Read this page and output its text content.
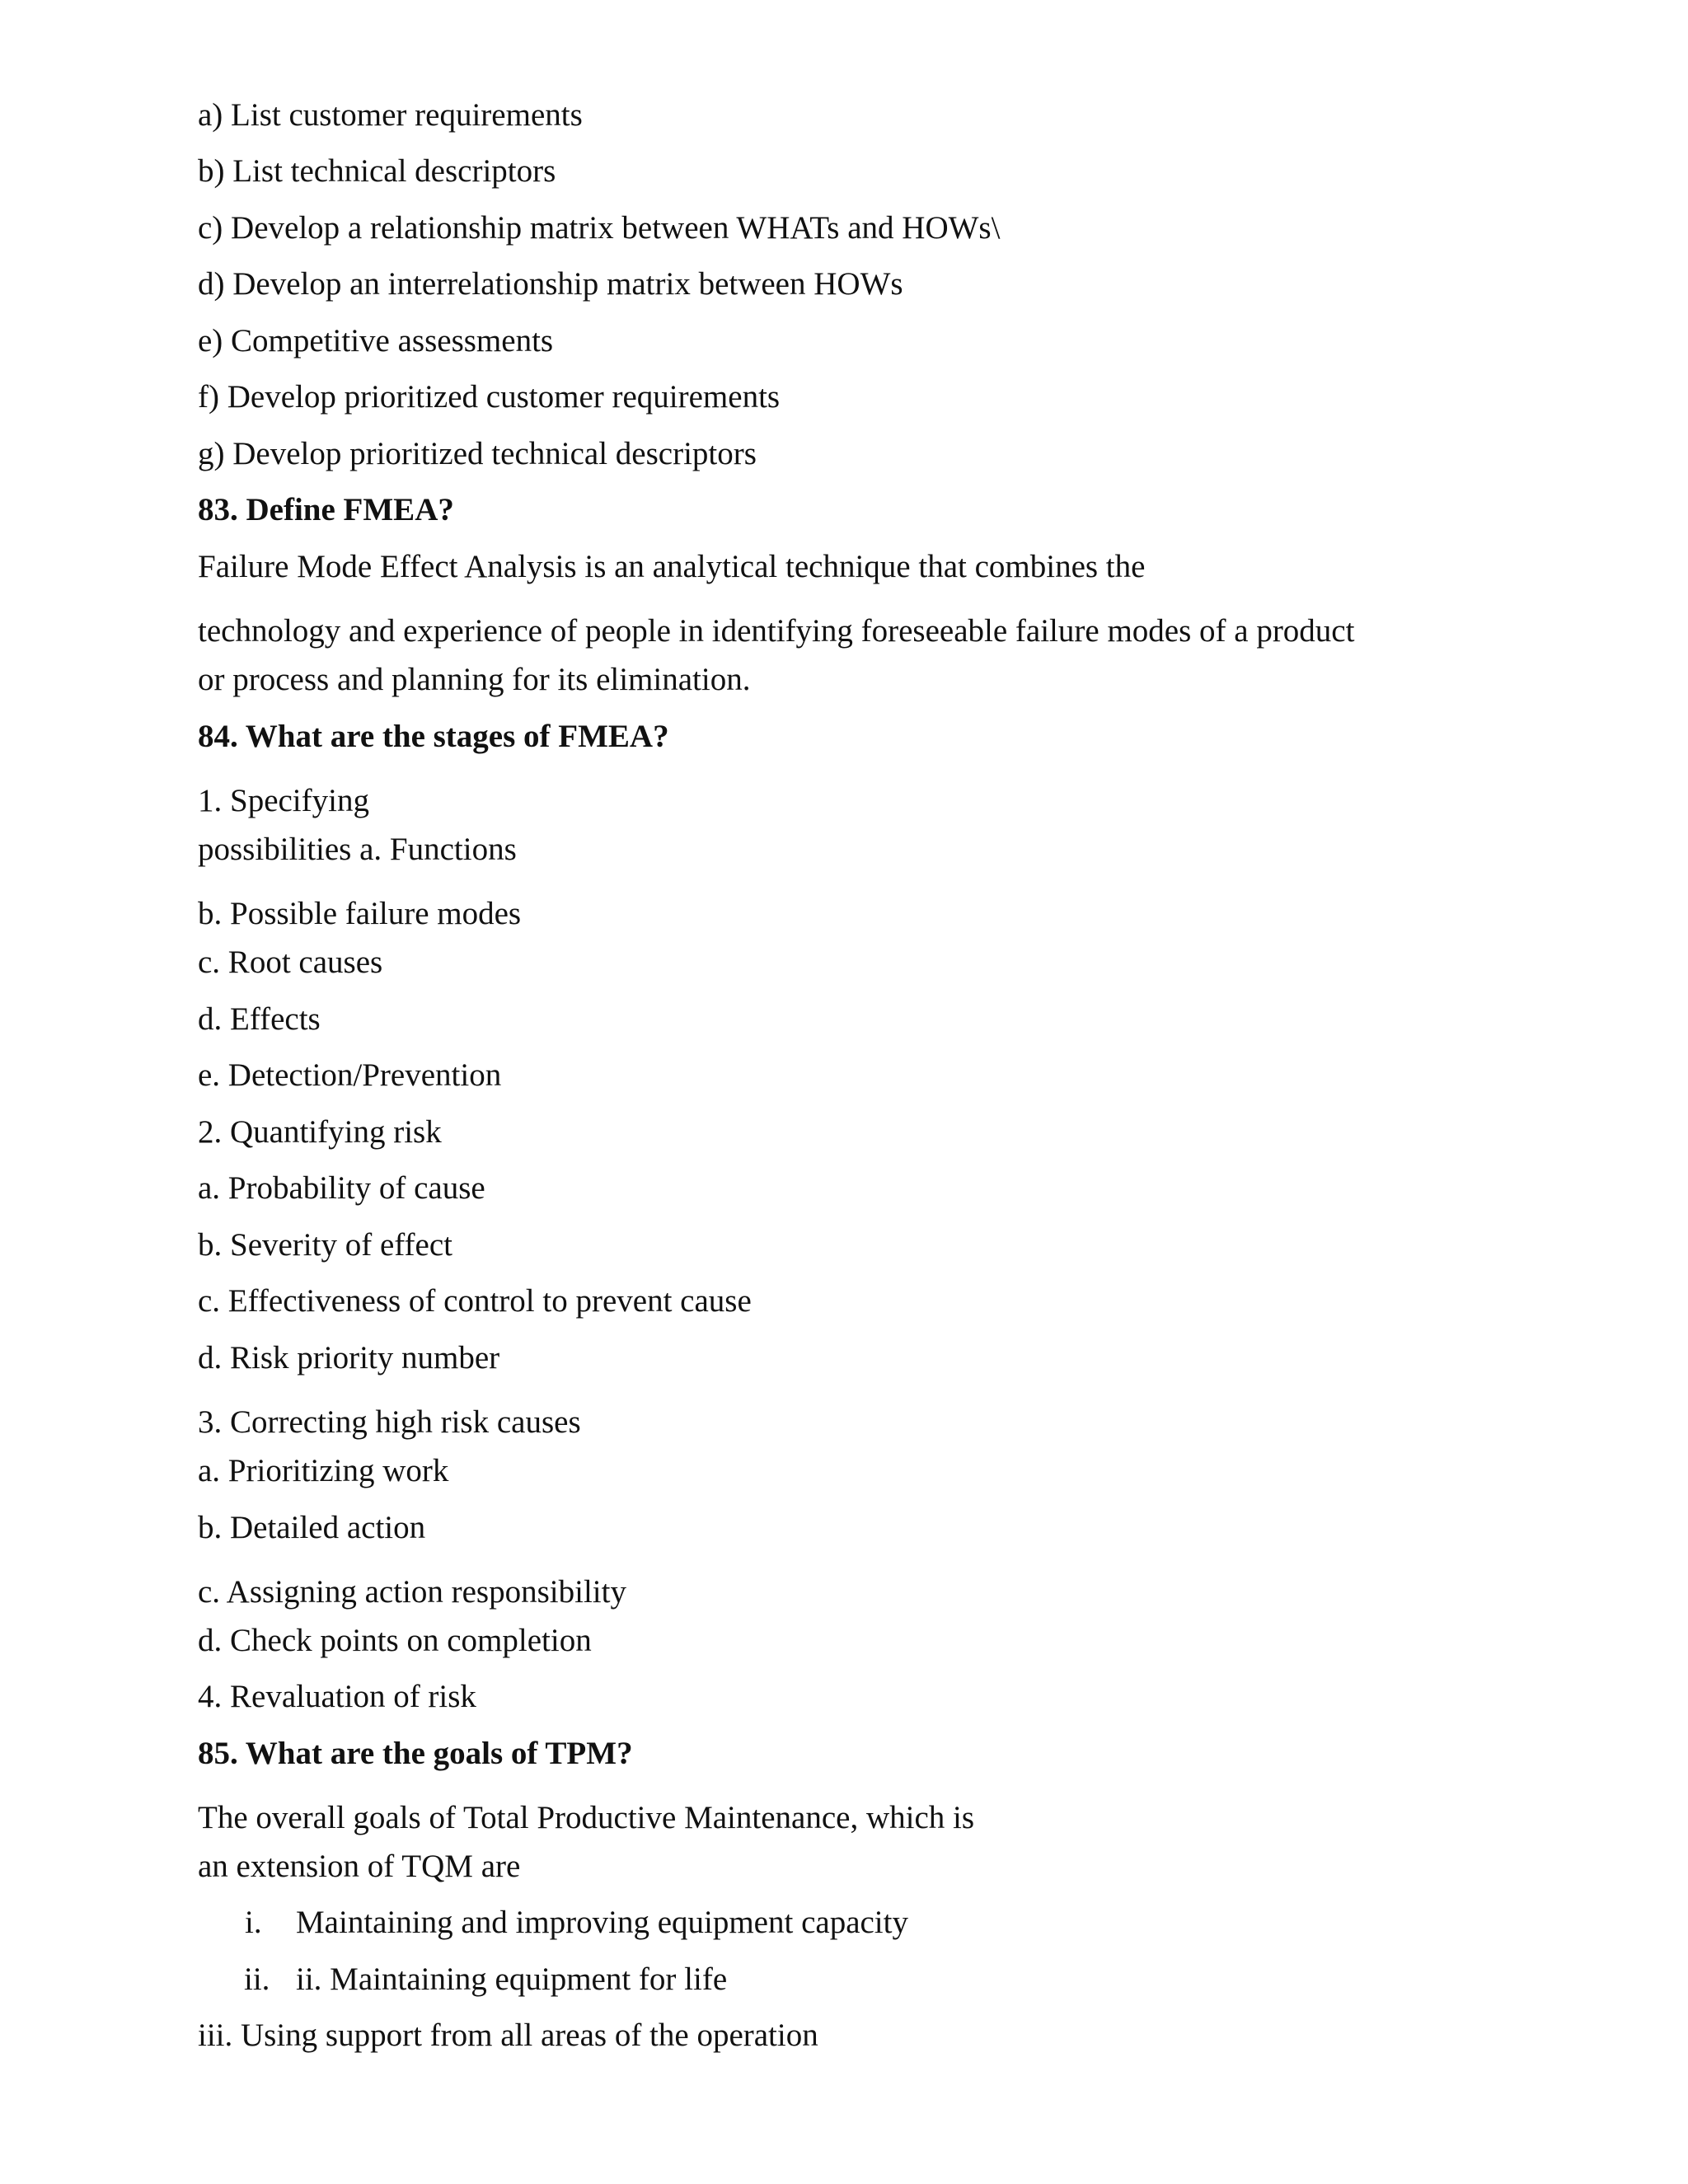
a) List customer requirements
b) List technical descriptors
c) Develop a relationship matrix between WHATs and HOWs\
d) Develop an interrelationship matrix between HOWs
e) Competitive assessments
f) Develop prioritized customer requirements
g) Develop prioritized technical descriptors
83. Define FMEA?
Failure Mode Effect Analysis is an analytical technique that combines the
technology and experience of people in identifying foreseeable failure modes of a product
or process and planning for its elimination.
84. What are the stages of FMEA?
1. Specifying
possibilities a. Functions
b. Possible failure modes
c. Root causes
d. Effects
e. Detection/Prevention
2. Quantifying risk
a. Probability of cause
b. Severity of effect
c. Effectiveness of control to prevent cause
d. Risk priority number
3. Correcting high risk causes
a. Prioritizing work
b. Detailed action
c. Assigning action responsibility
d. Check points on completion
4. Revaluation of risk
85. What are the goals of TPM?
The overall goals of Total Productive Maintenance, which is
an extension of TQM are
i. Maintaining and improving equipment capacity
ii. ii. Maintaining equipment for life
iii. Using support from all areas of the operation
